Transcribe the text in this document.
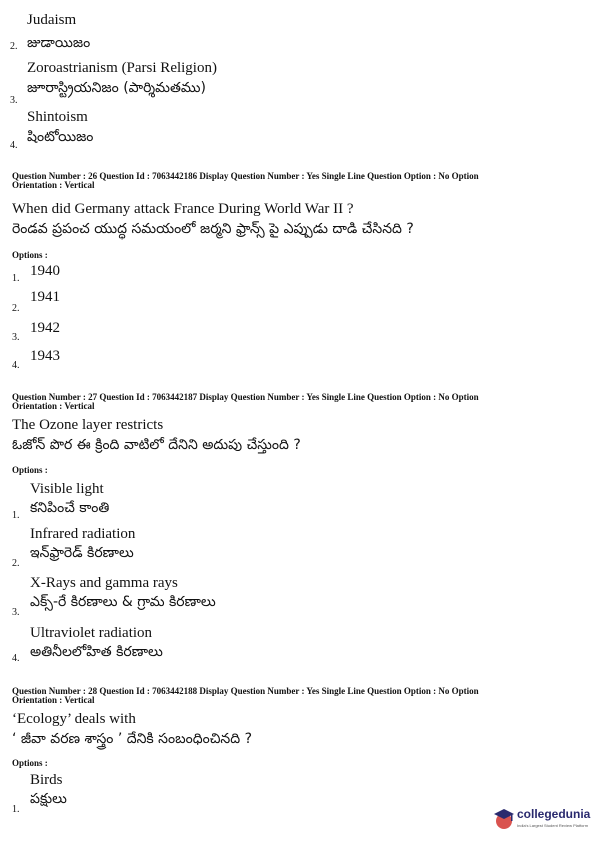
Judaism
2. జుడాయిజం
Zoroastrianism (Parsi Religion)
జూరాస్ట్రియనిజం (పార్శిమతము)
3.
Shintoism
షింటోయిజం
4.
Question Number : 26 Question Id : 7063442186 Display Question Number : Yes Single Line Question Option : No Option
Orientation : Vertical
When did Germany attack France During World War II ?
రెండవ ప్రపంచ యుద్ధ సమయంలో జర్మని ఫ్రాన్స్ పై ఎప్పుడు దాడి చేసినది ?
Options :
1. 1940
2.
1941
3.
1942
4.
1943
Question Number : 27 Question Id : 7063442187 Display Question Number : Yes Single Line Question Option : No Option
Orientation : Vertical
The Ozone layer restricts
ఓజోన్ పొర ఈ క్రింది వాటిలో దేనిని అదుపు చేస్తుంది ?
Options :
Visible light
కనిపించే కాంతి
1.
Infrared radiation
ఇన్‌ఫ్రారెడ్ కిరణాలు
2.
X-Rays and gamma rays
ఎక్స్-రే కిరణాలు & గ్రామ కిరణాలు
3.
Ultraviolet radiation
అతినీలలోహిత కిరణాలు
4.
Question Number : 28 Question Id : 7063442188 Display Question Number : Yes Single Line Question Option : No Option
Orientation : Vertical
‘Ecology’ deals with
‘ జీవా వరణ శాస్త్రం ’ దేనికి సంబంధించినది ?
Options :
Birds
పక్షులు
1.	collegedunia
India's Largest Student Review Platform
